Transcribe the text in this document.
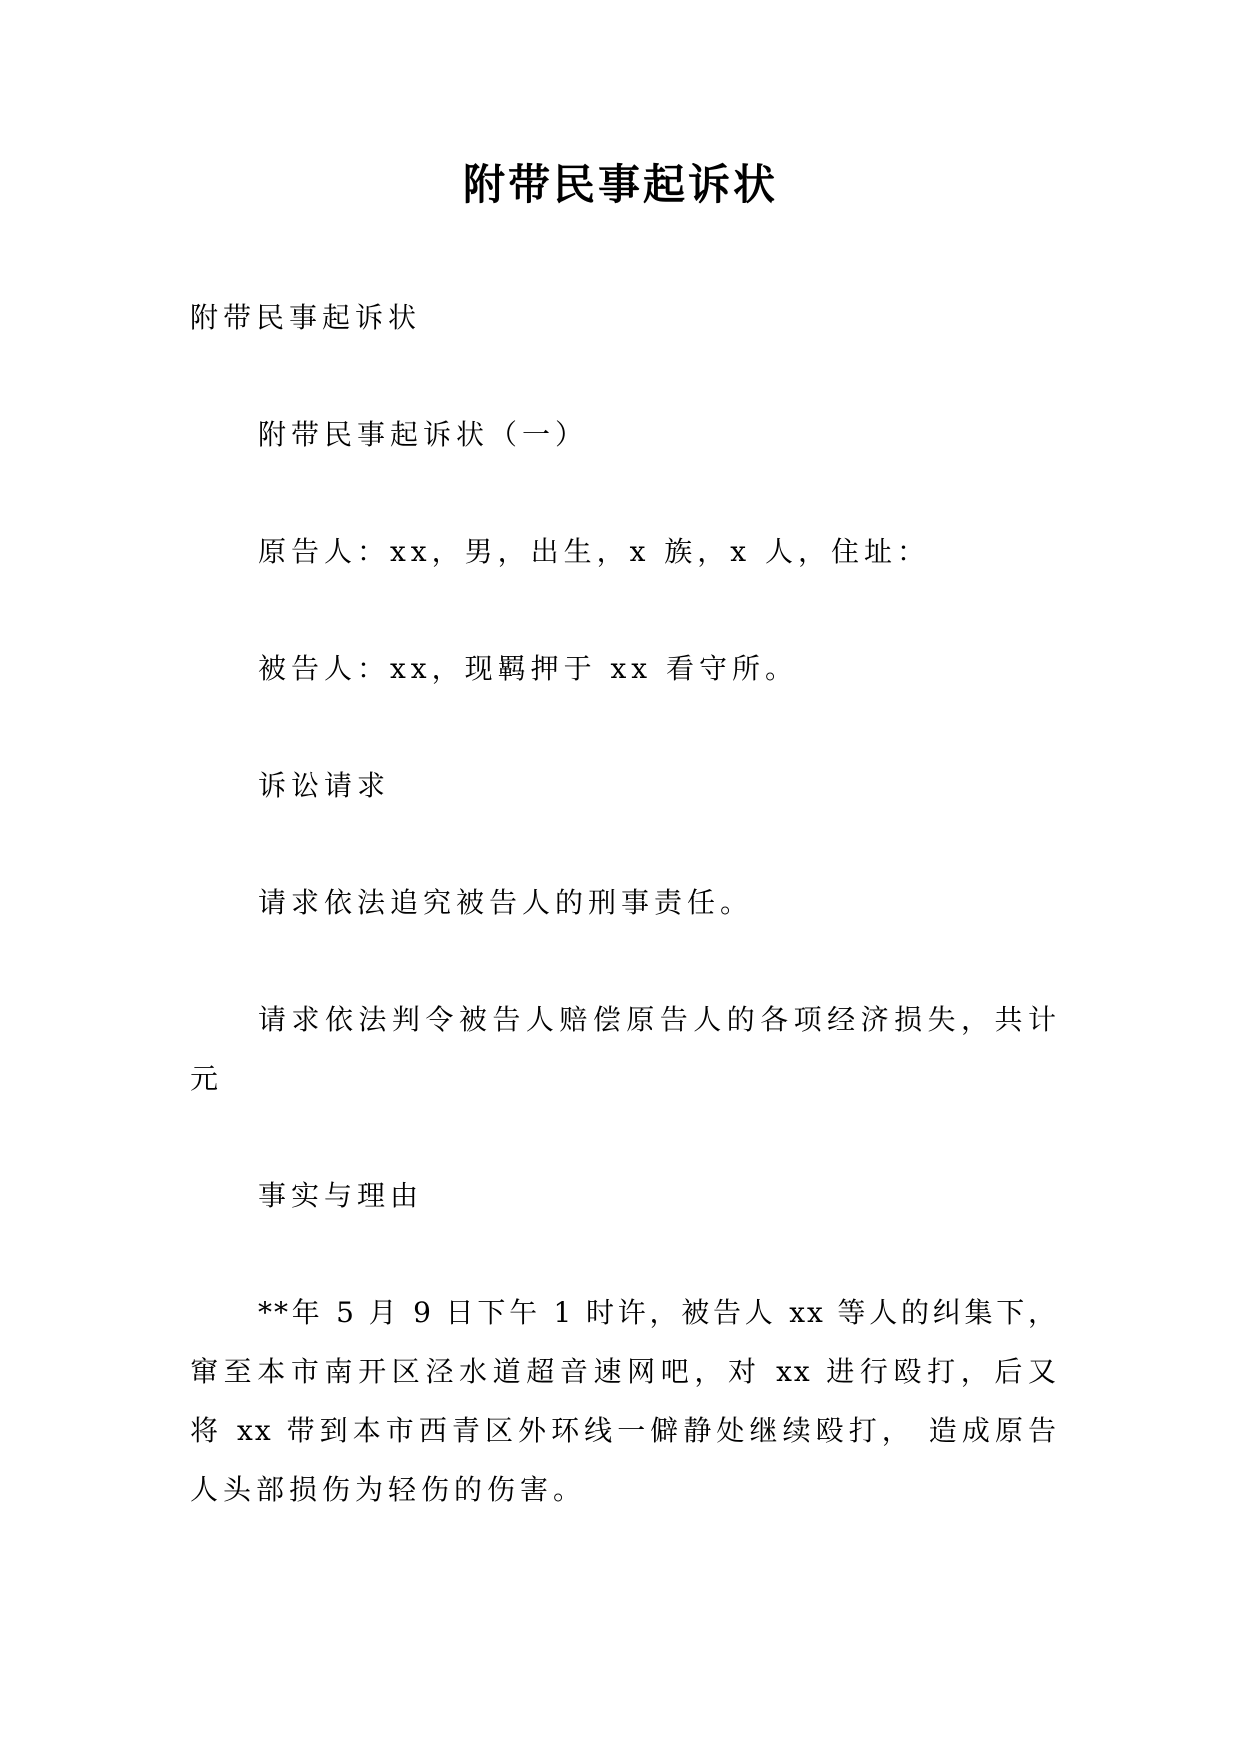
附带民事起诉状
附带民事起诉状
附带民事起诉状（一）
原告人：xx，男，出生，x 族，x 人，住址：
被告人：xx，现羁押于 xx 看守所。
诉讼请求
请求依法追究被告人的刑事责任。
请求依法判令被告人赔偿原告人的各项经济损失，共计
元
事实与理由
**年 5 月 9 日下午 1 时许，被告人 xx 等人的纠集下，
窜至本市南开区泾水道超音速网吧，对 xx 进行殴打，后又
将 xx 带到本市西青区外环线一僻静处继续殴打， 造成原告
人头部损伤为轻伤的伤害。
